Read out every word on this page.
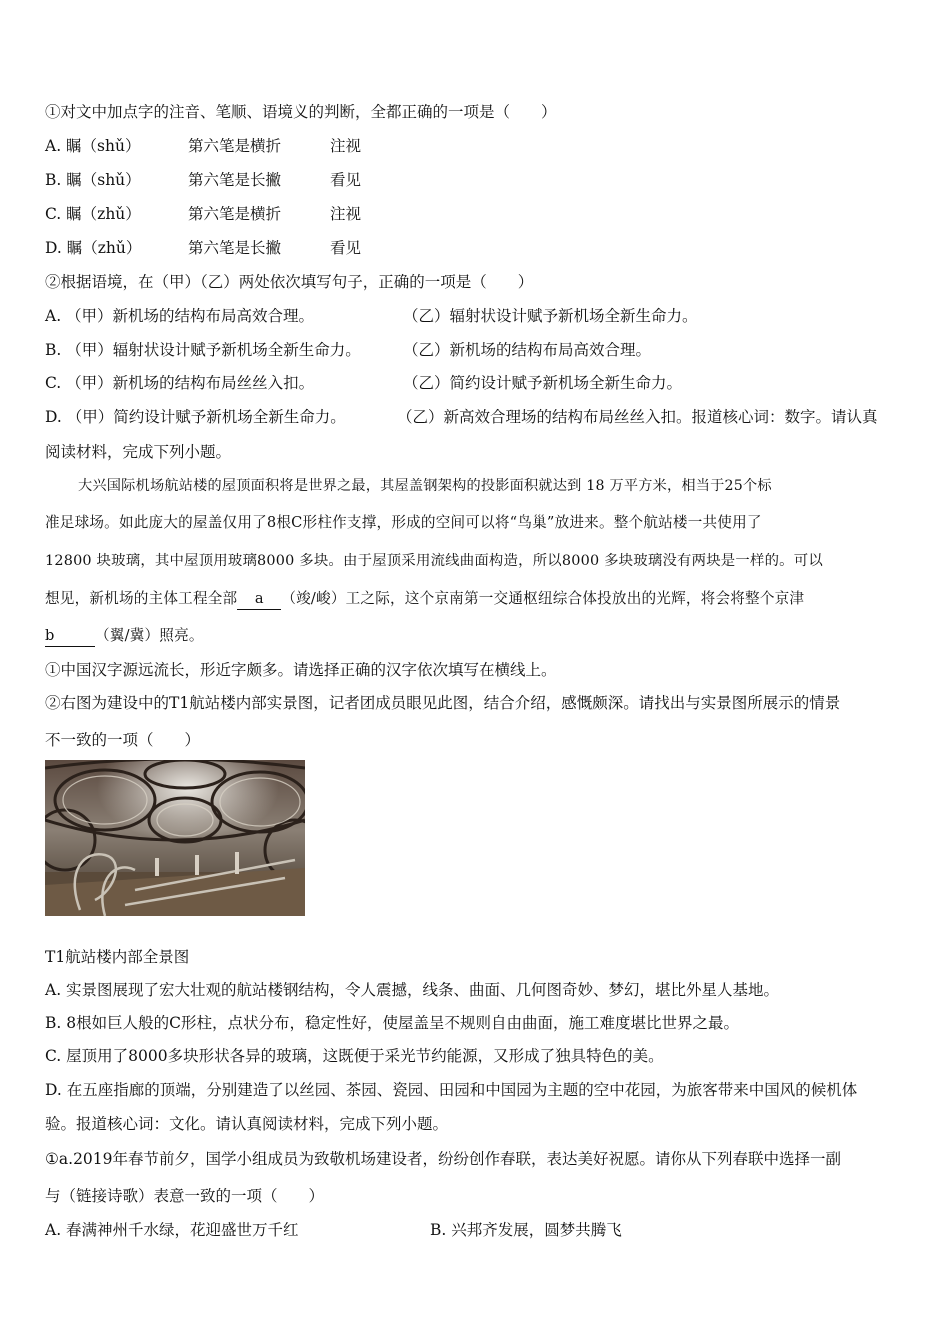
①对文中加点字的注音、笔顺、语境义的判断，全都正确的一项是（　　）
A. 瞩（shǔ）	第六笔是横折	注视
B. 瞩（shǔ）	第六笔是长撇	看见
C. 瞩（zhǔ）	第六笔是横折	注视
D. 瞩（zhǔ）	第六笔是长撇	看见
②根据语境，在（甲）（乙）两处依次填写句子，正确的一项是（　　）
A. （甲）新机场的结构布局高效合理。	（乙）辐射状设计赋予新机场全新生命力。
B. （甲）辐射状设计赋予新机场全新生命力。	（乙）新机场的结构布局高效合理。
C. （甲）新机场的结构布局丝丝入扣。	（乙）简约设计赋予新机场全新生命力。
D. （甲）简约设计赋予新机场全新生命力。	（乙）新高效合理场的结构布局丝丝入扣。报道核心词：数字。请认真
阅读材料，完成下列小题。
大兴国际机场航站楼的屋顶面积将是世界之最，其屋盖钢架构的投影面积就达到 18 万平方米，相当于25个标
准足球场。如此庞大的屋盖仅用了8根C形柱作支撑，形成的空间可以将“鸟巢”放进来。整个航站楼一共使用了
12800 块玻璃，其中屋顶用玻璃8000 多块。由于屋顶采用流线曲面构造，所以8000 多块玻璃没有两块是一样的。可以
想见，新机场的主体工程全部 a （竣/峻）工之际，这个京南第一交通枢纽综合体投放出的光辉，将会将整个京津
b	（翼/冀）照亮。
①中国汉字源远流长，形近字颇多。请选择正确的汉字依次填写在横线上。
②右图为建设中的T1航站楼内部实景图，记者团成员眼见此图，结合介绍，感慨颇深。请找出与实景图所展示的情景
不一致的一项（　　）
T1航站楼内部全景图
A. 实景图展现了宏大壮观的航站楼钢结构，令人震撼，线条、曲面、几何图奇妙、梦幻，堪比外星人基地。
B. 8根如巨人般的C形柱，点状分布，稳定性好，使屋盖呈不规则自由曲面，施工难度堪比世界之最。
C. 屋顶用了8000多块形状各异的玻璃，这既便于采光节约能源，又形成了独具特色的美。
D. 在五座指廊的顶端，分别建造了以丝园、茶园、瓷园、田园和中国园为主题的空中花园，为旅客带来中国风的候机体
验。报道核心词：文化。请认真阅读材料，完成下列小题。
①a.2019年春节前夕，国学小组成员为致敬机场建设者，纷纷创作春联，表达美好祝愿。请你从下列春联中选择一副
与（链接诗歌）表意一致的一项（　　）
A. 春满神州千水绿，花迎盛世万千红	B. 兴邦齐发展，圆梦共腾飞
